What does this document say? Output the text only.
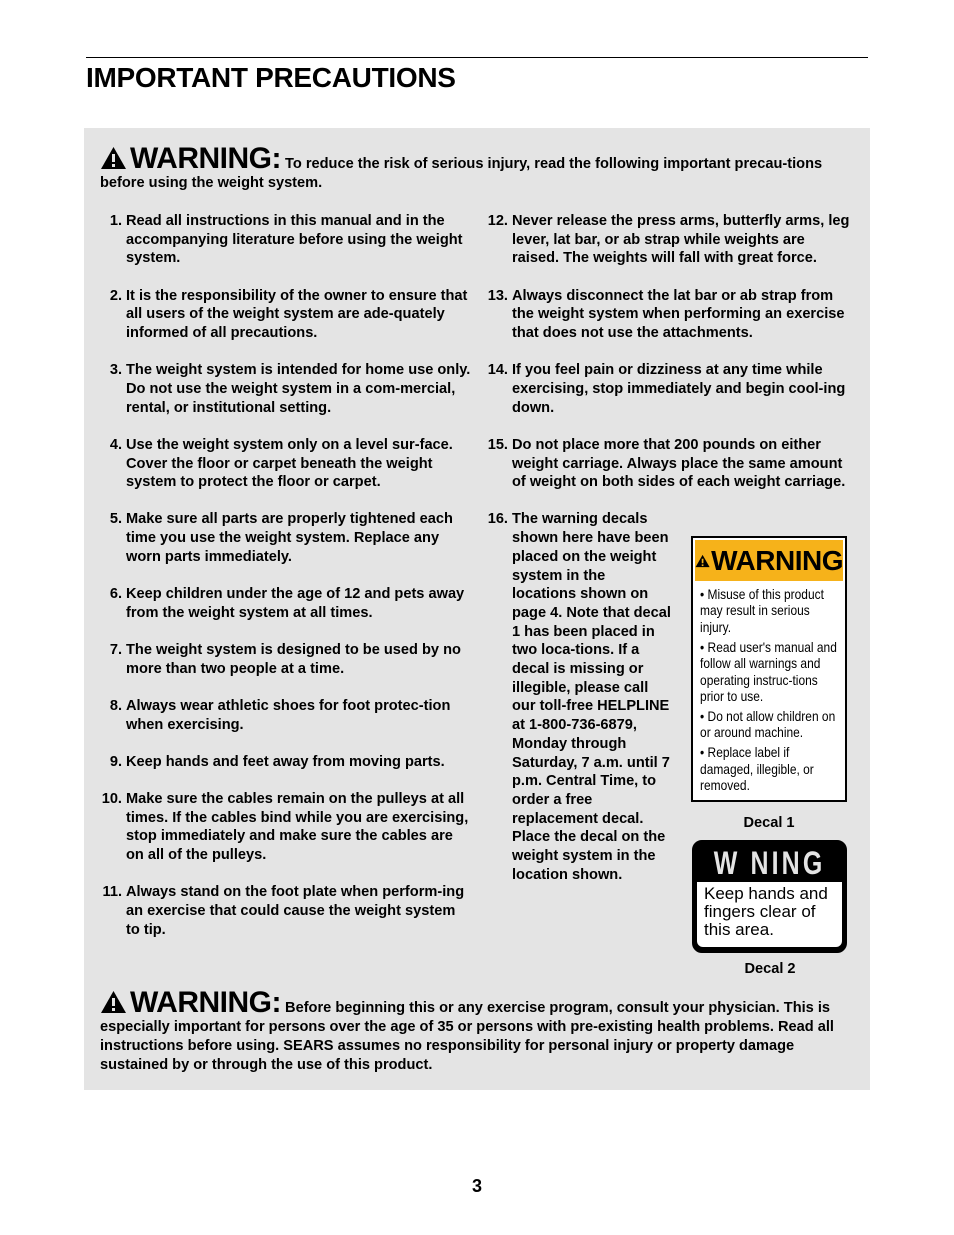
IMPORTANT PRECAUTIONS
WARNING: To reduce the risk of serious injury, read the following important precau-tions before using the weight system.
1. Read all instructions in this manual and in the accompanying literature before using the weight system.
2. It is the responsibility of the owner to ensure that all users of the weight system are ade-quately informed of all precautions.
3. The weight system is intended for home use only. Do not use the weight system in a com-mercial, rental, or institutional setting.
4. Use the weight system only on a level sur-face. Cover the floor or carpet beneath the weight system to protect the floor or carpet.
5. Make sure all parts are properly tightened each time you use the weight system. Replace any worn parts immediately.
6. Keep children under the age of 12 and pets away from the weight system at all times.
7. The weight system is designed to be used by no more than two people at a time.
8. Always wear athletic shoes for foot protec-tion when exercising.
9. Keep hands and feet away from moving parts.
10. Make sure the cables remain on the pulleys at all times. If the cables bind while you are exercising, stop immediately and make sure the cables are on all of the pulleys.
11. Always stand on the foot plate when perform-ing an exercise that could cause the weight system to tip.
12. Never release the press arms, butterfly arms, leg lever, lat bar, or ab strap while weights are raised. The weights will fall with great force.
13. Always disconnect the lat bar or ab strap from the weight system when performing an exercise that does not use the attachments.
14. If you feel pain or dizziness at any time while exercising, stop immediately and begin cool-ing down.
15. Do not place more that 200 pounds on either weight carriage. Always place the same amount of weight on both sides of each weight carriage.
16. The warning decals shown here have been placed on the weight system in the locations shown on page 4. Note that decal 1 has been placed in two loca-tions. If a decal is missing or illegible, please call our toll-free HELPLINE at 1-800-736-6879, Monday through Saturday, 7 a.m. until 7 p.m. Central Time, to order a free replacement decal. Place the decal on the weight system in the location shown.
WARNING
• Misuse of this product may result in serious injury.
• Read user's manual and follow all warnings and operating instruc-tions prior to use.
• Do not allow children on or around machine.
• Replace label if damaged, illegible, or removed.
Decal 1
W NING
Keep hands and fingers clear of this area.
Decal 2
WARNING: Before beginning this or any exercise program, consult your physician. This is especially important for persons over the age of 35 or persons with pre-existing health problems. Read all instructions before using. SEARS assumes no responsibility for personal injury or property damage sustained by or through the use of this product.
3
